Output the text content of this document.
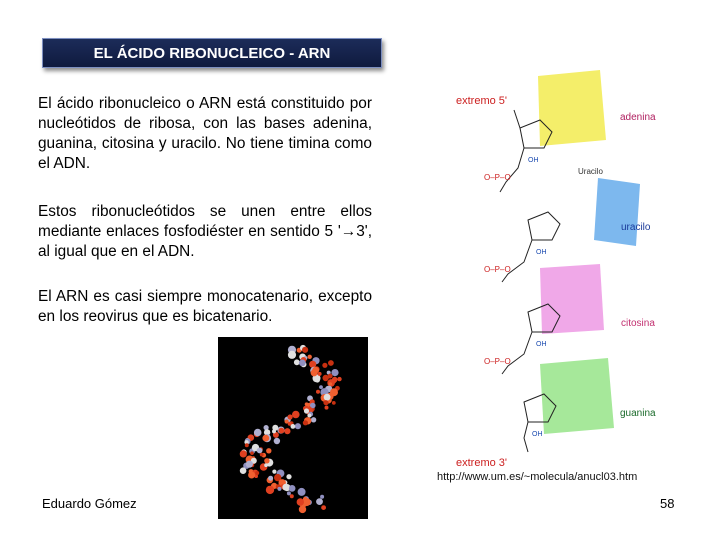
EL ÁCIDO RIBONUCLEICO - ARN

El ácido ribonucleico o ARN está constituido por nucleótidos de ribosa, con las bases adenina, guanina, citosina y uracilo. No tiene timina como el ADN.

Estos ribonucleótidos se unen entre ellos mediante enlaces fosfodiéster en sentido 5 '→3', al igual que en el ADN.

El ARN es casi siempre monocatenario, excepto en los reovirus que es bicatenario.

extremo 5'
extremo 3'
Uracilo
adenina
uracilo
citosina
guanina
O–P–O
O–P–O
O–P–O
OH
OH
OH
OH
http://www.um.es/~molecula/anucl03.htm
Eduardo Gómez	58
